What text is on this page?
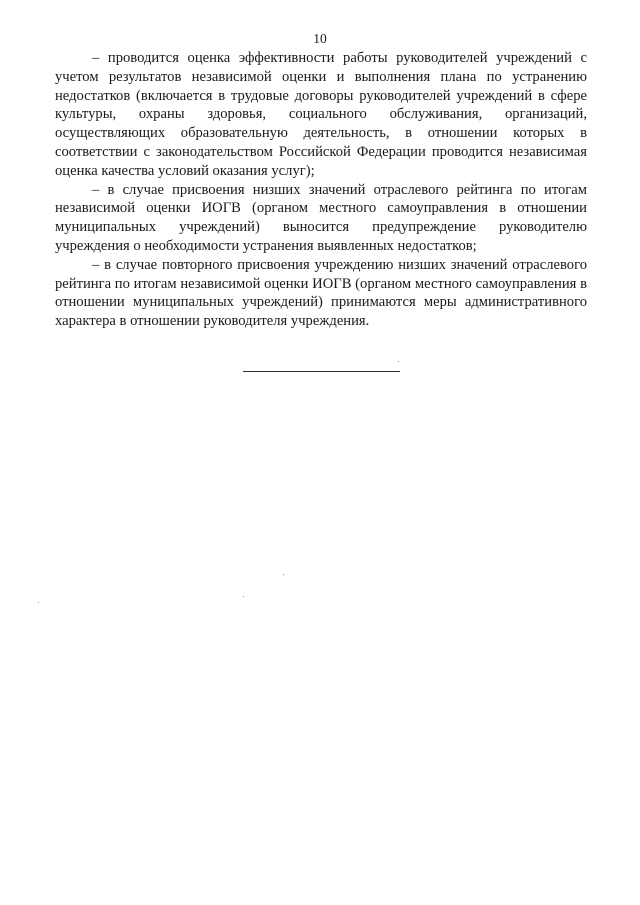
10

– проводится оценка эффективности работы руководителей учреждений с учетом результатов независимой оценки и выполнения плана по устранению недостатков (включается в трудовые договоры руководителей учреждений в сфере культуры, охраны здоровья, социального обслуживания, организаций, осуществляющих образовательную деятельность, в отношении которых в соответствии с законодательством Российской Федерации проводится независимая оценка качества условий оказания услуг);

– в случае присвоения низших значений отраслевого рейтинга по итогам независимой оценки ИОГВ (органом местного самоуправления в отношении муниципальных учреждений) выносится предупреждение руководителю учреждения о необходимости устранения выявленных недостатков;

– в случае повторного присвоения учреждению низших значений отраслевого рейтинга по итогам независимой оценки ИОГВ (органом местного самоуправления в отношении муниципальных учреждений) принимаются меры административного характера в отношении руководителя учреждения.
